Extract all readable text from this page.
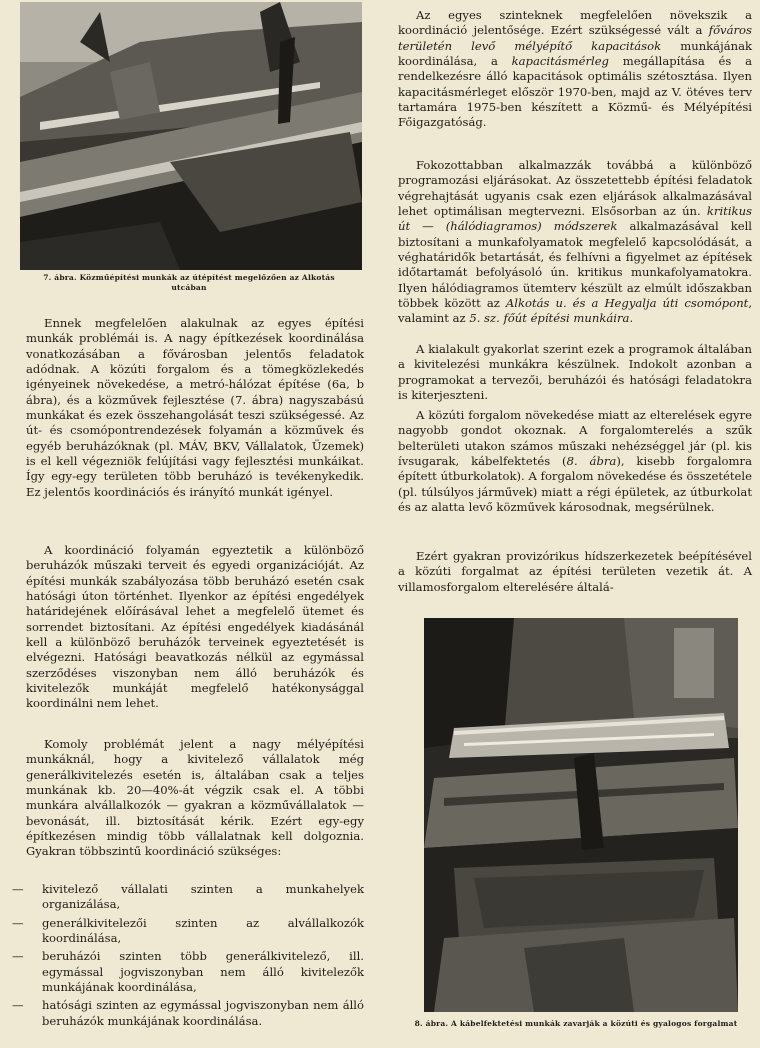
7. ábra. Közműépítési munkák az útépítést megelőzően az Alkotás utcában

Ennek megfelelően alakulnak az egyes építési munkák problémái is. A nagy építkezések koordinálása vonatkozásában a fővárosban jelentős feladatok adódnak. A közúti forgalom és a tömegközlekedés igényeinek növekedése, a metró-hálózat építése (6a, b ábra), és a közművek fejlesztése (7. ábra) nagyszabású munkákat és ezek összehangolását teszi szükségessé. Az út- és csomópontrendezések folyamán a közművek és egyéb beruházóknak (pl. MÁV, BKV, Vállalatok, Üzemek) is el kell végezniök felújítási vagy fejlesztési munkáikat. Így egy-egy területen több beruházó is tevékenykedik. Ez jelentős koordinációs és irányító munkát igényel.

A koordináció folyamán egyeztetik a különböző beruházók műszaki terveit és egyedi organizációját. Az építési munkák szabályozása több beruházó esetén csak hatósági úton történhet. Ilyenkor az építési engedélyek határidejének előírásával lehet a megfelelő ütemet és sorrendet biztosítani. Az építési engedélyek kiadásánál kell a különböző beruházók terveinek egyeztetését is elvégezni. Hatósági beavatkozás nélkül az egymással szerződéses viszonyban nem álló beruházók és kivitelezők munkáját megfelelő hatékonysággal koordinálni nem lehet.

Komoly problémát jelent a nagy mélyépítési munkáknál, hogy a kivitelező vállalatok még generálkivitelezés esetén is, általában csak a teljes munkának kb. 20—40%-át végzik csak el. A többi munkára alvállalkozók — gyakran a közművállalatok — bevonását, ill. biztosítását kérik. Ezért egy-egy építkezésen mindig több vállalatnak kell dolgoznia. Gyakran többszintű koordináció szükséges:

—	kivitelező vállalati szinten a munkahelyek organizálása,
—	generálkivitelezői szinten az alvállalkozók koordinálása,
—	beruházói szinten több generálkivitelező, ill. egymással jogviszonyban nem álló kivitelezők munkájának koordinálása,
—	hatósági szinten az egymással jogviszonyban nem álló beruházók munkájának koordinálása.

Az egyes szinteknek megfelelően növekszik a koordináció jelentősége. Ezért szükségessé vált a főváros területén levő mélyépítő kapacitások munkájának koordinálása, a kapacitásmérleg megállapítása és a rendelkezésre álló kapacitások optimális szétosztása. Ilyen kapacitásmérleget először 1970-ben, majd az V. ötéves terv tartamára 1975-ben készített a Közmű- és Mélyépítési Főigazgatóság.

Fokozottabban alkalmazzák továbbá a különböző programozási eljárásokat. Az összetettebb építési feladatok végrehajtását ugyanis csak ezen eljárások alkalmazásával lehet optimálisan megtervezni. Elsősorban az ún. kritikus út — (hálódiagramos) módszerek alkalmazásával kell biztosítani a munkafolyamatok megfelelő kapcsolódását, a véghatáridők betartását, és felhívni a figyelmet az építések időtartamát befolyásoló ún. kritikus munkafolyamatokra. Ilyen hálódiagramos ütemterv készült az elmúlt időszakban többek között az Alkotás u. és a Hegyalja úti csomópont, valamint az 5. sz. főút építési munkáira.

A kialakult gyakorlat szerint ezek a programok általában a kivitelezési munkákra készülnek. Indokolt azonban a programokat a tervezői, beruházói és hatósági feladatokra is kiterjeszteni.

A közúti forgalom növekedése miatt az elterelések egyre nagyobb gondot okoznak. A forgalomterelés a szűk belterületi utakon számos műszaki nehézséggel jár (pl. kis ívsugarak, kábelfektetés (8. ábra), kisebb forgalomra épített útburkolatok). A forgalom növekedése és összetétele (pl. túlsúlyos járművek) miatt a régi épületek, az útburkolat és az alatta levő közművek károsodnak, megsérülnek.

Ezért gyakran provizórikus hídszerkezetek beépítésével a közúti forgalmat az építési területen vezetik át. A villamosforgalom elterelésére általá-

8. ábra. A kábelfektetési munkák zavarják a közúti és gyalogos forgalmat
